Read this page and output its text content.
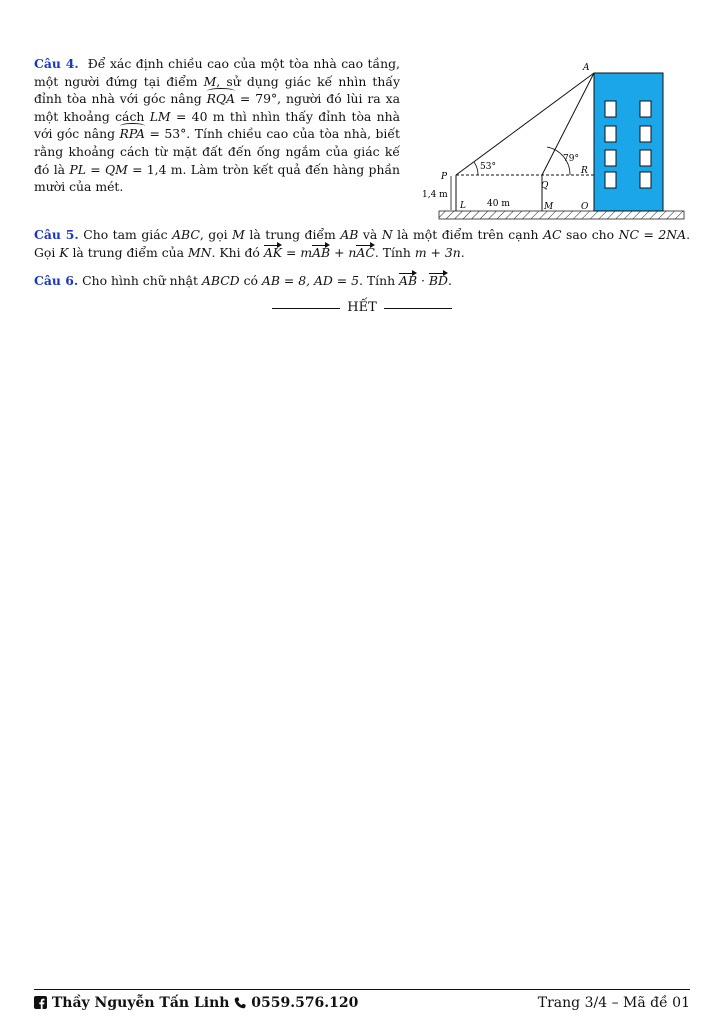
Câu 4. Để xác định chiều cao của một tòa nhà cao tầng, một người đứng tại điểm M, sử dụng giác kế nhìn thấy đỉnh tòa nhà với góc nâng RQA = 79°, người đó lùi ra xa một khoảng cách LM = 40 m thì nhìn thấy đỉnh tòa nhà với góc nâng RPA = 53°. Tính chiều cao của tòa nhà, biết rằng khoảng cách từ mặt đất đến ống ngắm của giác kế đó là PL = QM = 1,4 m. Làm tròn kết quả đến hàng phần mười của mét.
A
P
Q
R
L	M	O
53°
79°
1,4 m
40 m
Câu 5. Cho tam giác ABC, gọi M là trung điểm AB và N là một điểm trên cạnh AC sao cho NC = 2NA. Gọi K là trung điểm của MN. Khi đó AK = mAB + nAC. Tính m + 3n.
Câu 6. Cho hình chữ nhật ABCD có AB = 8, AD = 5. Tính AB · BD.
HẾT
Thầy Nguyễn Tấn Linh 0559.576.120	Trang 3/4 – Mã đề 01
